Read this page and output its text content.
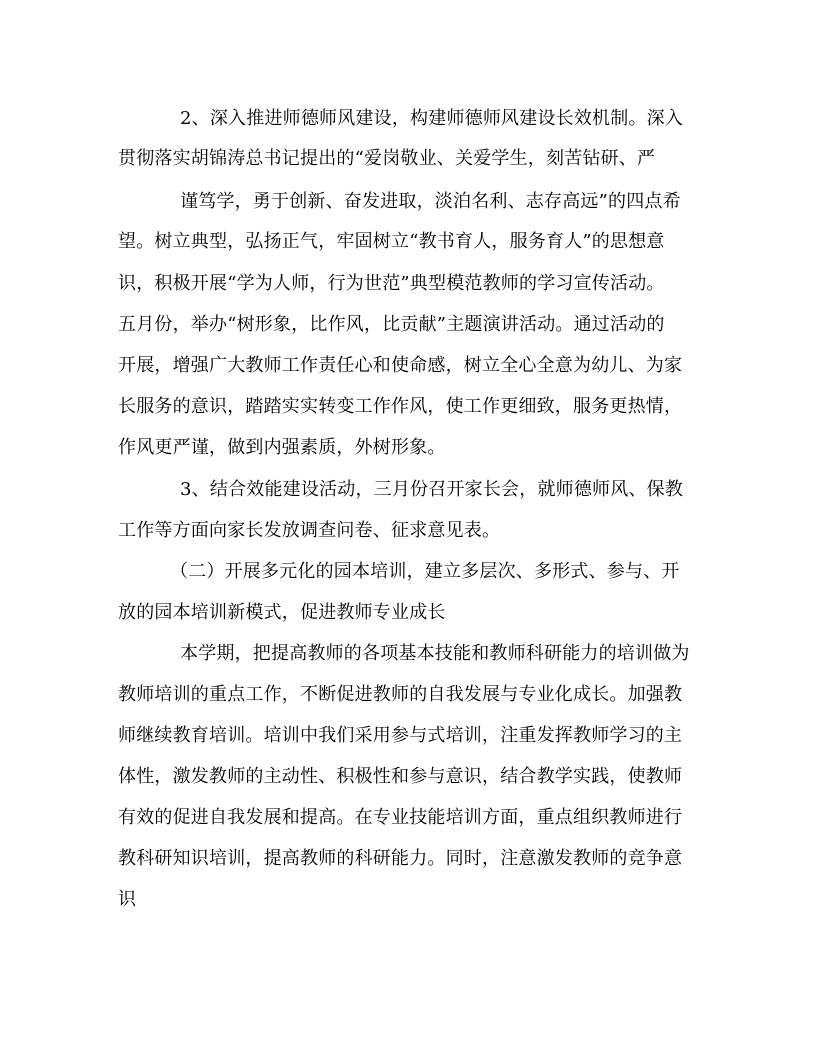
2、深入推进师德师风建设，构建师德师风建设长效机制。深入
贯彻落实胡锦涛总书记提出的“爱岗敬业、关爱学生，刻苦钻研、严
谨笃学，勇于创新、奋发进取，淡泊名利、志存高远”的四点希
望。树立典型，弘扬正气，牢固树立“教书育人，服务育人”的思想意
识，积极开展“学为人师，行为世范”典型模范教师的学习宣传活动。
五月份，举办“树形象，比作风，比贡献”主题演讲活动。通过活动的
开展，增强广大教师工作责任心和使命感，树立全心全意为幼儿、为家
长服务的意识，踏踏实实转变工作作风，使工作更细致，服务更热情，
作风更严谨，做到内强素质，外树形象。
3、结合效能建设活动，三月份召开家长会，就师德师风、保教
工作等方面向家长发放调查问卷、征求意见表。
（二）开展多元化的园本培训，建立多层次、多形式、参与、开
放的园本培训新模式，促进教师专业成长
本学期，把提高教师的各项基本技能和教师科研能力的培训做为
教师培训的重点工作，不断促进教师的自我发展与专业化成长。加强教
师继续教育培训。培训中我们采用参与式培训，注重发挥教师学习的主
体性，激发教师的主动性、积极性和参与意识，结合教学实践，使教师
有效的促进自我发展和提高。在专业技能培训方面，重点组织教师进行
教科研知识培训，提高教师的科研能力。同时，注意激发教师的竞争意
识
